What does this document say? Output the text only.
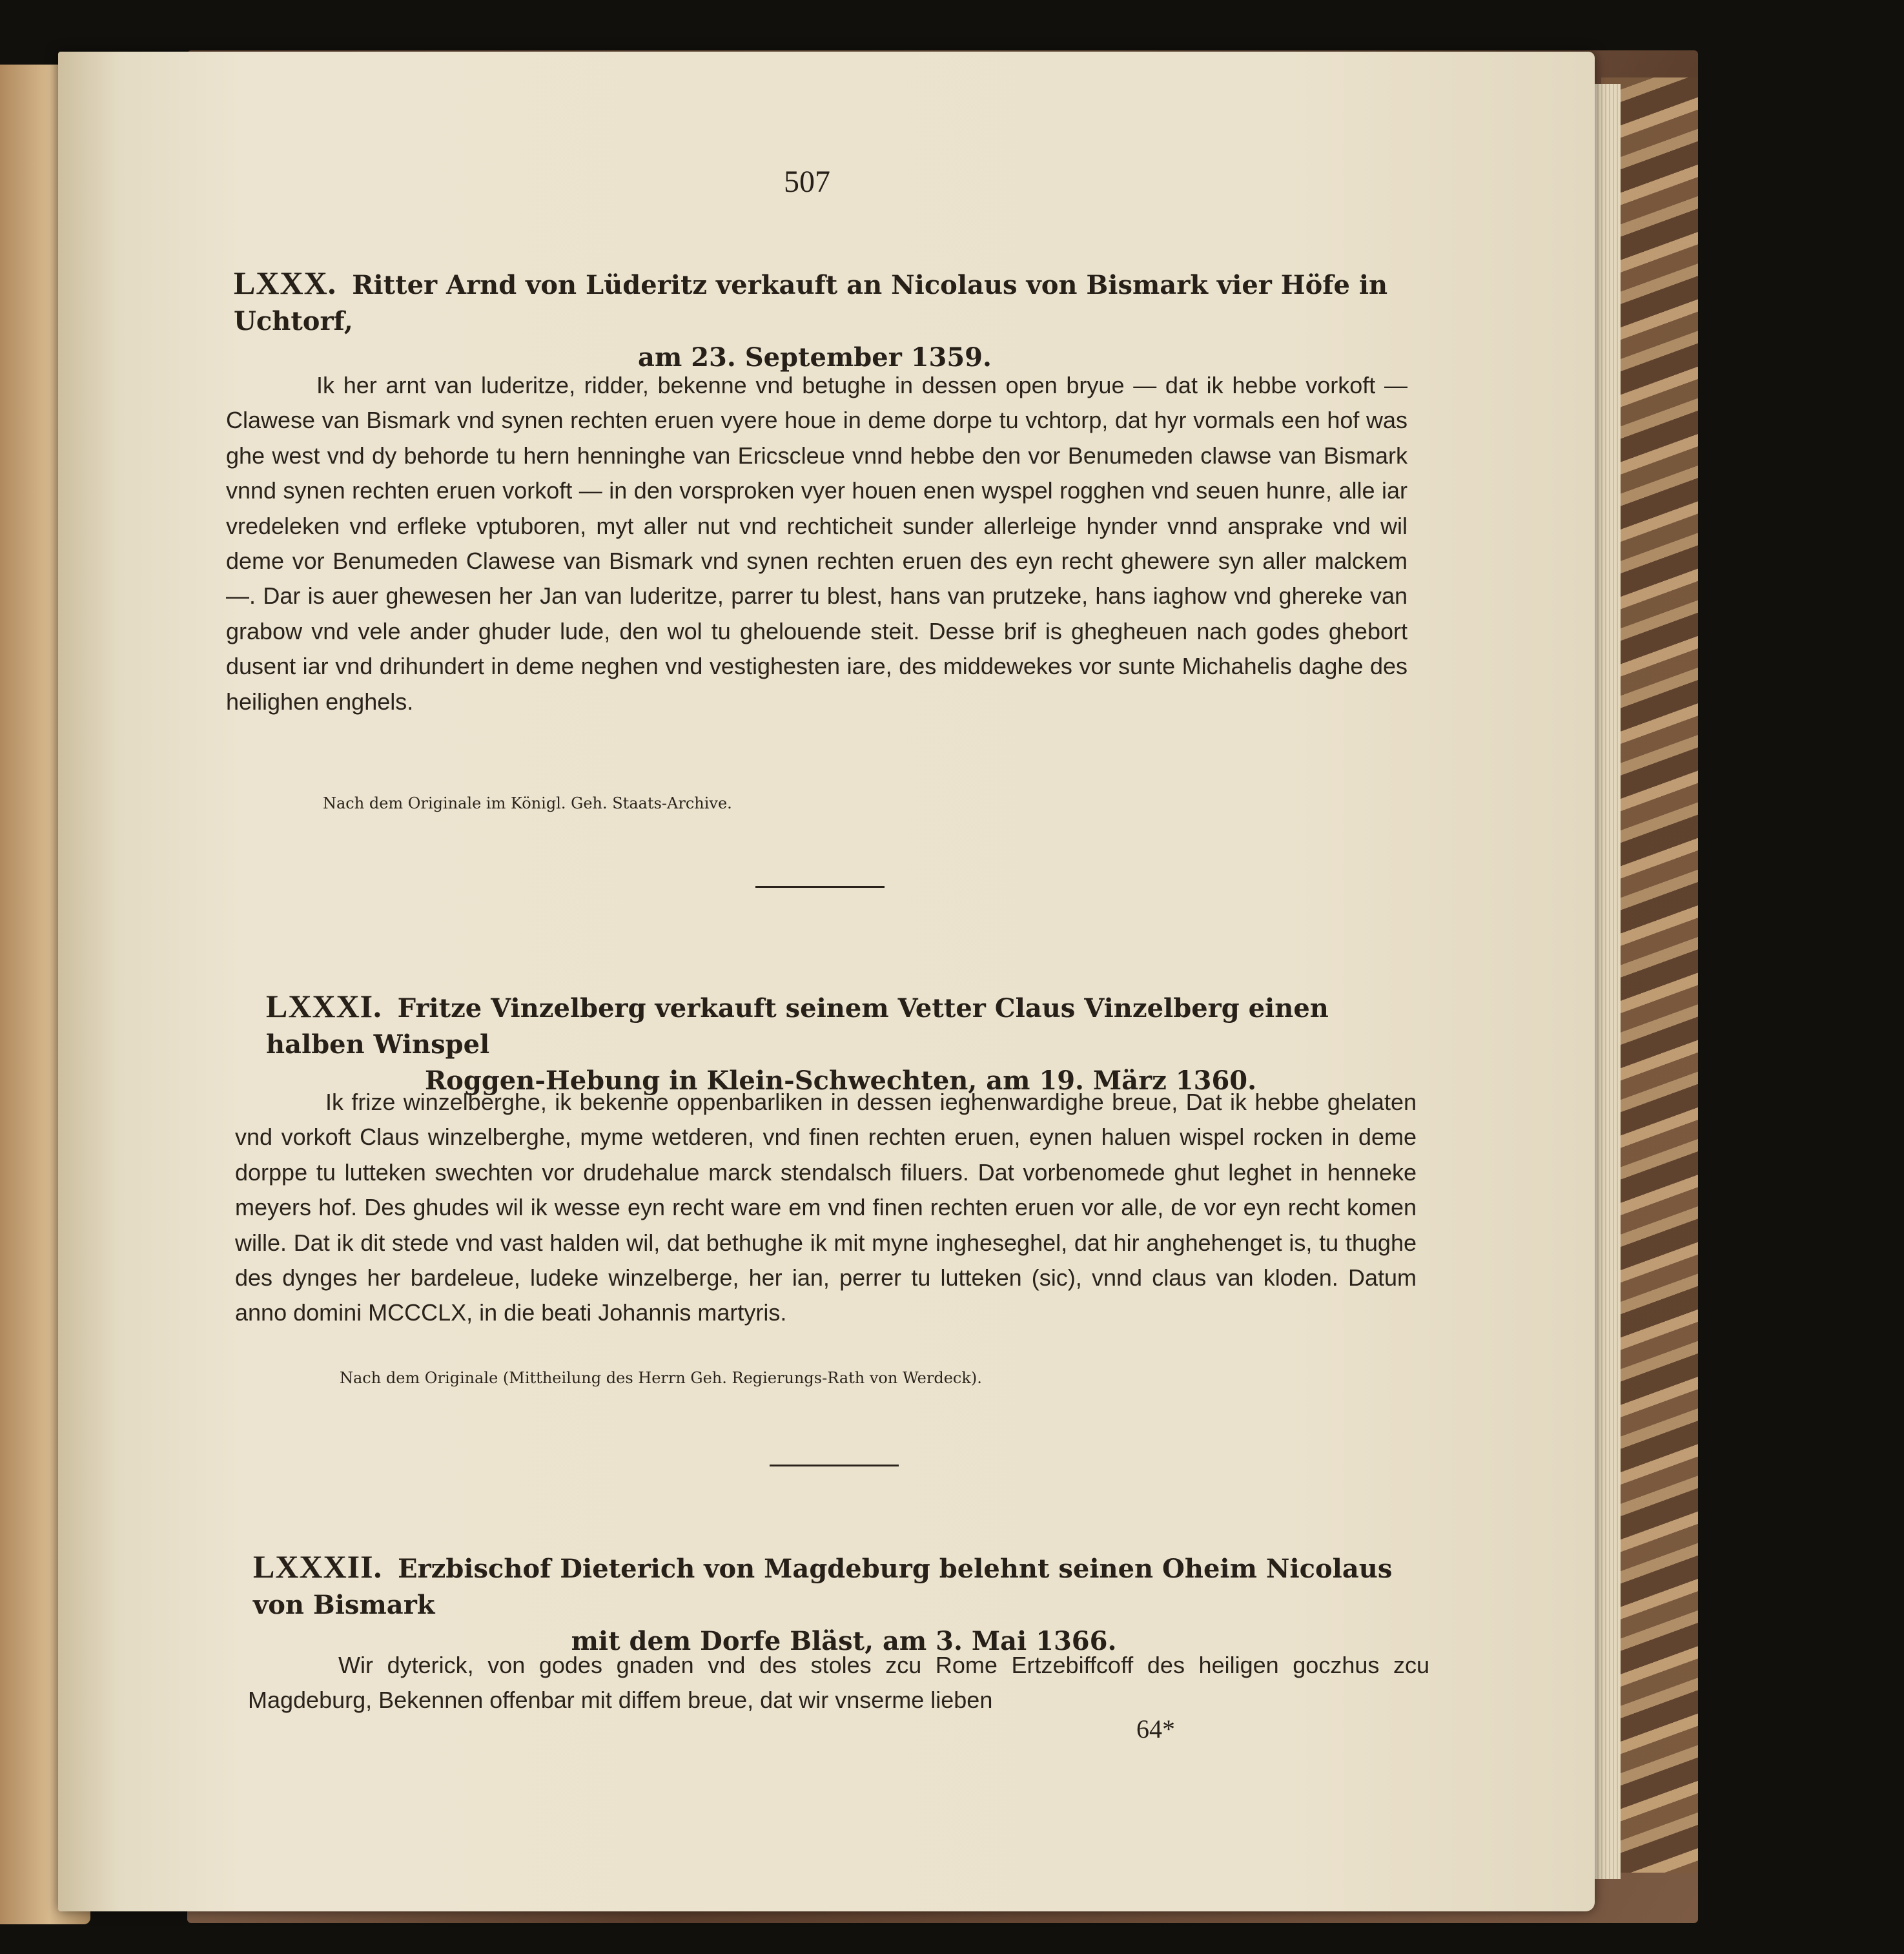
507
LXXX. Ritter Arnd von Lüderitz verkauft an Nicolaus von Bismark vier Höfe in Uchtorf,
am 23. September 1359.

Ik her arnt van luderitze, ridder, bekenne vnd betughe in dessen open bryue — dat ik hebbe vorkoft — Clawese van Bismark vnd synen rechten eruen vyere houe in deme dorpe tu vchtorp, dat hyr vormals een hof was ghe west vnd dy behorde tu hern henninghe van Ericscleue vnnd hebbe den vor Benumeden clawse van Bismark vnnd synen rechten eruen vorkoft — in den vorsproken vyer houen enen wyspel rogghen vnd seuen hunre, alle iar vredeleken vnd erfleke vptuboren, myt aller nut vnd rechticheit sunder allerleige hynder vnnd ansprake vnd wil deme vor Benumeden Clawese van Bismark vnd synen rechten eruen des eyn recht ghewere syn aller malckem —. Dar is auer ghewesen her Jan van luderitze, parrer tu blest, hans van prutzeke, hans iaghow vnd ghereke van grabow vnd vele ander ghuder lude, den wol tu ghelouende steit. Desse brif is ghegheuen nach godes ghebort dusent iar vnd drihundert in deme neghen vnd vestighesten iare, des middewekes vor sunte Michahelis daghe des heilighen enghels.

Nach dem Originale im Königl. Geh. Staats-Archive.
LXXXI. Fritze Vinzelberg verkauft seinem Vetter Claus Vinzelberg einen halben Winspel
Roggen-Hebung in Klein-Schwechten, am 19. März 1360.

Ik frize winzelberghe, ik bekenne oppenbarliken in dessen ieghenwardighe breue, Dat ik hebbe ghelaten vnd vorkoft Claus winzelberghe, myme wetderen, vnd finen rechten eruen, eynen haluen wispel rocken in deme dorppe tu lutteken swechten vor drudehalue marck stendalsch filuers. Dat vorbenomede ghut leghet in henneke meyers hof. Des ghudes wil ik wesse eyn recht ware em vnd finen rechten eruen vor alle, de vor eyn recht komen wille. Dat ik dit stede vnd vast halden wil, dat bethughe ik mit myne ingheseghel, dat hir anghehenget is, tu thughe des dynges her bardeleue, ludeke winzelberge, her ian, perrer tu lutteken (sic), vnnd claus van kloden. Datum anno domini MCCCLX, in die beati Johannis martyris.

Nach dem Originale (Mittheilung des Herrn Geh. Regierungs-Rath von Werdeck).
LXXXII. Erzbischof Dieterich von Magdeburg belehnt seinen Oheim Nicolaus von Bismark
mit dem Dorfe Bläst, am 3. Mai 1366.

Wir dyterick, von godes gnaden vnd des stoles zcu Rome Ertzebiffcoff des heiligen goczhus zcu Magdeburg, Bekennen offenbar mit diffem breue, dat wir vnserme lieben

64*
